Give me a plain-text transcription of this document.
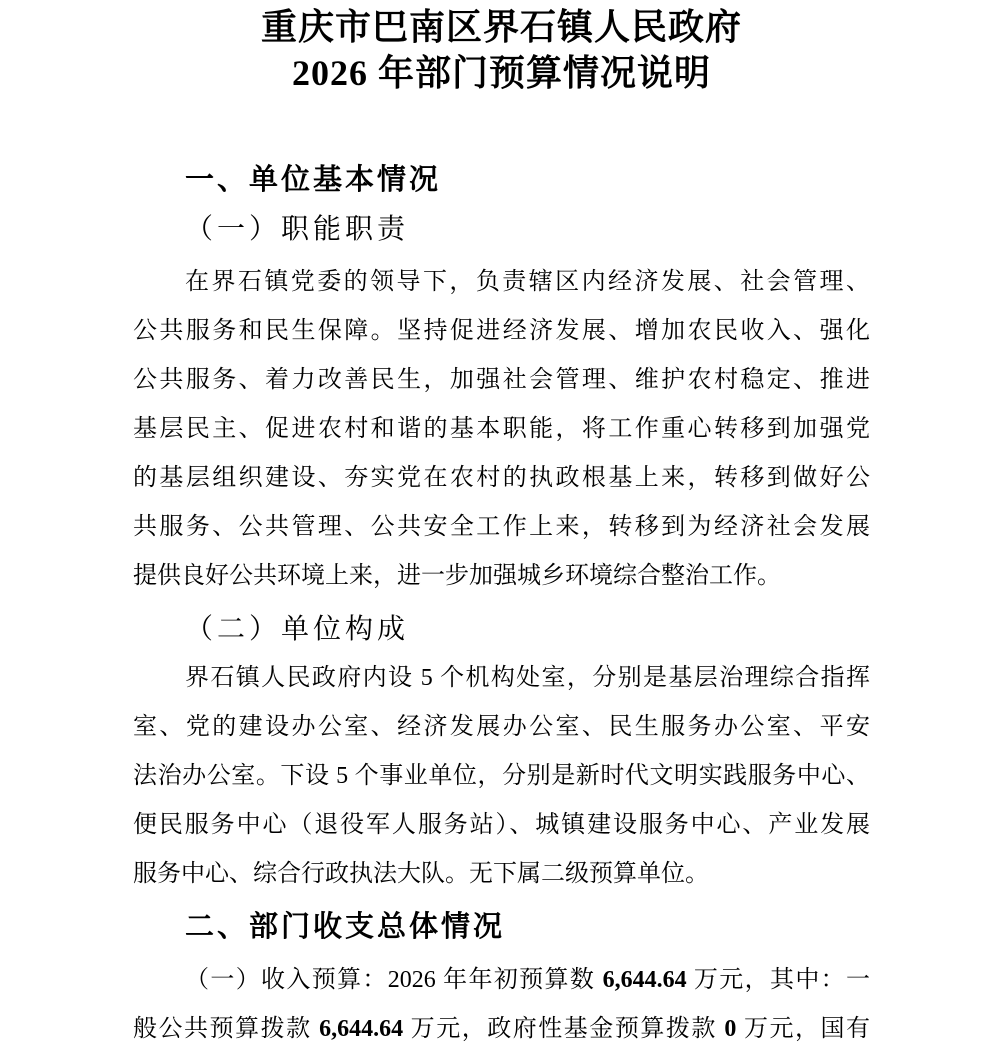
重庆市巴南区界石镇人民政府
2026 年部门预算情况说明
一、单位基本情况
（一）职能职责
在界石镇党委的领导下，负责辖区内经济发展、社会管理、
公共服务和民生保障。坚持促进经济发展、增加农民收入、强化
公共服务、着力改善民生，加强社会管理、维护农村稳定、推进
基层民主、促进农村和谐的基本职能，将工作重心转移到加强党
的基层组织建设、夯实党在农村的执政根基上来，转移到做好公
共服务、公共管理、公共安全工作上来，转移到为经济社会发展
提供良好公共环境上来，进一步加强城乡环境综合整治工作。
（二）单位构成
界石镇人民政府内设 5 个机构处室，分别是基层治理综合指挥
室、党的建设办公室、经济发展办公室、民生服务办公室、平安
法治办公室。下设 5 个事业单位，分别是新时代文明实践服务中心、
便民服务中心（退役军人服务站）、城镇建设服务中心、产业发展
服务中心、综合行政执法大队。无下属二级预算单位。
二、部门收支总体情况
（一）收入预算：2026 年年初预算数 6,644.64 万元，其中：一
般公共预算拨款 6,644.64 万元，政府性基金预算拨款 0 万元，国有
